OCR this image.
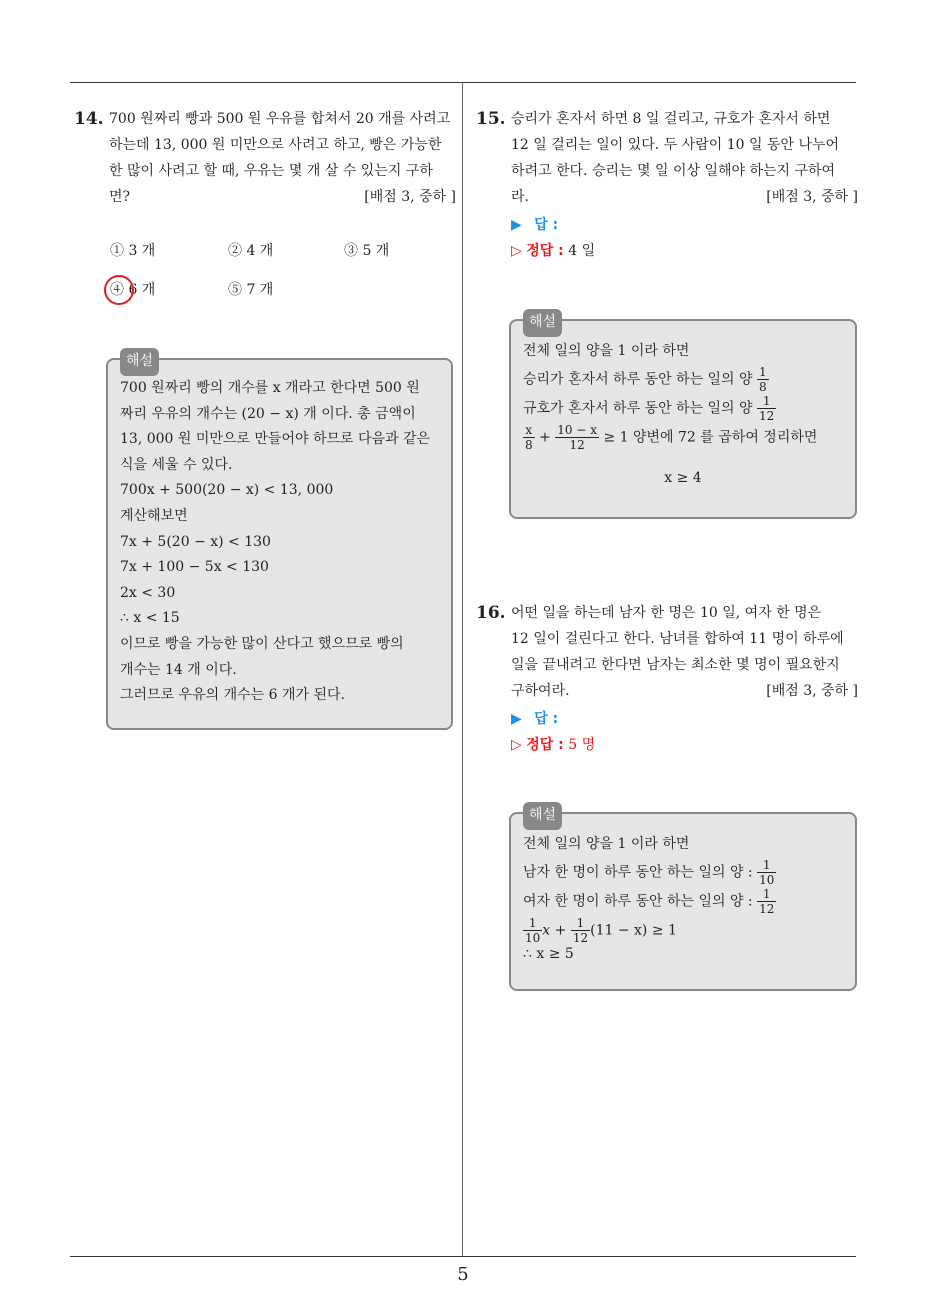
5
14. 700 원짜리 빵과 500 원 우유를 합쳐서 20 개를 사려고
하는데 13, 000 원 미만으로 사려고 하고, 빵은 가능한
한 많이 사려고 할 때, 우유는 몇 개 살 수 있는지 구하
면?	[배점 3, 중하 ]
① 3 개	② 4 개	③ 5 개
④ 6 개	⑤ 7 개
해설
700 원짜리 빵의 개수를 x 개라고 한다면 500 원
짜리 우유의 개수는 (20 − x) 개 이다. 총 금액이
13, 000 원 미만으로 만들어야 하므로 다음과 같은
식을 세울 수 있다.
700x + 500(20 − x) < 13, 000
계산해보면
7x + 5(20 − x) < 130
7x + 100 − 5x < 130
2x < 30
∴ x < 15
이므로 빵을 가능한 많이 산다고 했으므로 빵의
개수는 14 개 이다.
그러므로 우유의 개수는 6 개가 된다.
15. 승리가 혼자서 하면 8 일 걸리고, 규호가 혼자서 하면
12 일 걸리는 일이 있다. 두 사람이 10 일 동안 나누어
하려고 한다. 승리는 몇 일 이상 일해야 하는지 구하여
라.	[배점 3, 중하 ]
▶ 답 :
▷ 정답 : 4 일
해설
전체 일의 양을 1 이라 하면
승리가 혼자서 하루 동안 하는 일의 양 $\frac{1}{8}$
규호가 혼자서 하루 동안 하는 일의 양 $\frac{1}{12}$
$\frac{x}{8} + \frac{10 - x}{12} \ge 1$ 양변에 72 를 곱하여 정리하면
x ≥ 4
16. 어떤 일을 하는데 남자 한 명은 10 일, 여자 한 명은
12 일이 걸린다고 한다. 남녀를 합하여 11 명이 하루에
일을 끝내려고 한다면 남자는 최소한 몇 명이 필요한지
구하여라.	[배점 3, 중하 ]
▶ 답 :
▷ 정답 : 5 명
해설
전체 일의 양을 1 이라 하면
남자 한 명이 하루 동안 하는 일의 양 : $\frac{1}{10}$
여자 한 명이 하루 동안 하는 일의 양 : $\frac{1}{12}$
$\frac{1}{10}$ $x + \frac{1}{12} (11 - x) \ge 1$
∴ x ≥ 5
